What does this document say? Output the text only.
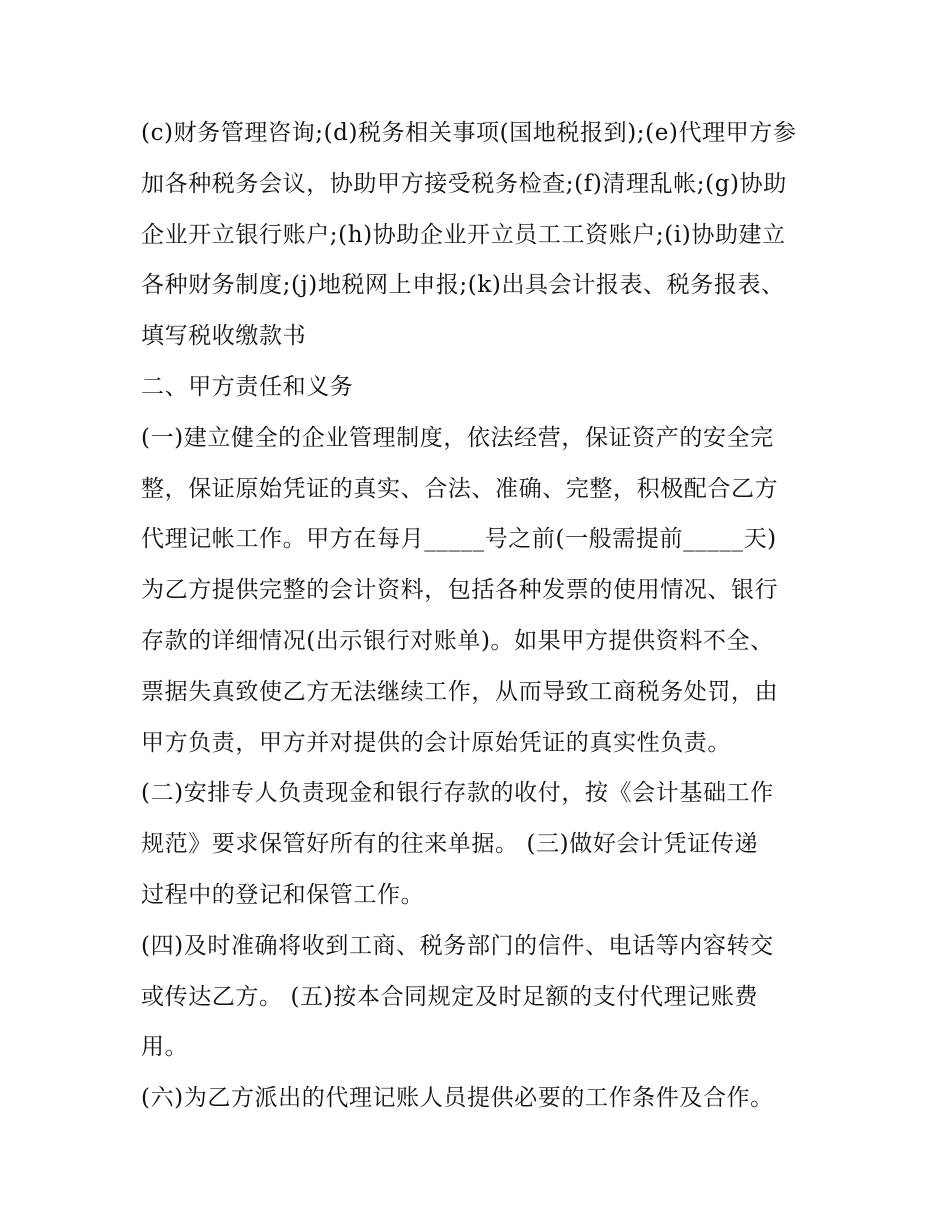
(c)财务管理咨询;(d)税务相关事项(国地税报到);(e)代理甲方参
加各种税务会议，协助甲方接受税务检查;(f)清理乱帐;(g)协助
企业开立银行账户;(h)协助企业开立员工工资账户;(i)协助建立
各种财务制度;(j)地税网上申报;(k)出具会计报表、税务报表、
填写税收缴款书
二、甲方责任和义务
(一)建立健全的企业管理制度，依法经营，保证资产的安全完
整，保证原始凭证的真实、合法、准确、完整，积极配合乙方
代理记帐工作。甲方在每月_____号之前(一般需提前_____天)
为乙方提供完整的会计资料，包括各种发票的使用情况、银行
存款的详细情况(出示银行对账单)。如果甲方提供资料不全、
票据失真致使乙方无法继续工作，从而导致工商税务处罚，由
甲方负责，甲方并对提供的会计原始凭证的真实性负责。
(二)安排专人负责现金和银行存款的收付，按《会计基础工作
规范》要求保管好所有的往来单据。 (三)做好会计凭证传递
过程中的登记和保管工作。
(四)及时准确将收到工商、税务部门的信件、电话等内容转交
或传达乙方。 (五)按本合同规定及时足额的支付代理记账费
用。
(六)为乙方派出的代理记账人员提供必要的工作条件及合作。
